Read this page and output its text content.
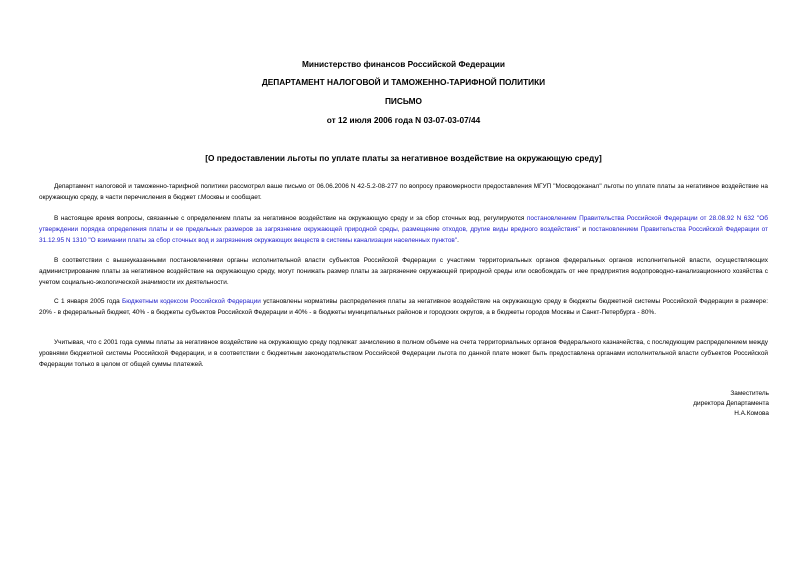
Министерство финансов Российской Федерации
ДЕПАРТАМЕНТ НАЛОГОВОЙ И ТАМОЖЕННО-ТАРИФНОЙ ПОЛИТИКИ
ПИСЬМО
от 12 июля 2006 года N 03-07-03-07/44
[О предоставлении льготы по уплате платы за негативное воздействие на окружающую среду]

Департамент налоговой и таможенно-тарифной политики рассмотрел ваше письмо от 06.06.2006 N 42-5.2-08-277 по вопросу правомерности предоставления МГУП "Мосводоканал" льготы по уплате платы за негативное воздействие на окружающую среду, в части перечисления в бюджет г.Москвы и сообщает.

В настоящее время вопросы, связанные с определением платы за негативное воздействие на окружающую среду и за сбор сточных вод, регулируются постановлением Правительства Российской Федерации от 28.08.92 N 632 "Об утверждении порядка определения платы и ее предельных размеров за загрязнение окружающей природной среды, размещение отходов, другие виды вредного воздействия" и постановлением Правительства Российской Федерации от 31.12.95 N 1310 "О взимании платы за сбор сточных вод и загрязнения окружающих веществ в системы канализации населенных пунктов".

В соответствии с вышеуказанными постановлениями органы исполнительной власти субъектов Российской Федерации с участием территориальных органов федеральных органов исполнительной власти, осуществляющих администрирование платы за негативное воздействие на окружающую среду, могут понижать размер платы за загрязнение окружающей природной среды или освобождать от нее предприятия водопроводно-канализационного хозяйства с учетом социально-экологической значимости их деятельности.

С 1 января 2005 года Бюджетным кодексом Российской Федерации установлены нормативы распределения платы за негативное воздействие на окружающую среду в бюджеты бюджетной системы Российской Федерации в размере: 20% - в федеральный бюджет, 40% - в бюджеты субъектов Российской Федерации и 40% - в бюджеты муниципальных районов и городских округов, а в бюджеты городов Москвы и Санкт-Петербурга - 80%.

Учитывая, что с 2001 года суммы платы за негативное воздействие на окружающую среду подлежат зачислению в полном объеме на счета территориальных органов Федерального казначейства, с последующим распределением между уровнями бюджетной системы Российской Федерации, и в соответствии с бюджетным законодательством Российской Федерации льгота по данной плате может быть предоставлена органами исполнительной власти субъектов Российской Федерации только в целом от общей суммы платежей.

Заместитель
директора Департамента
Н.А.Комова
